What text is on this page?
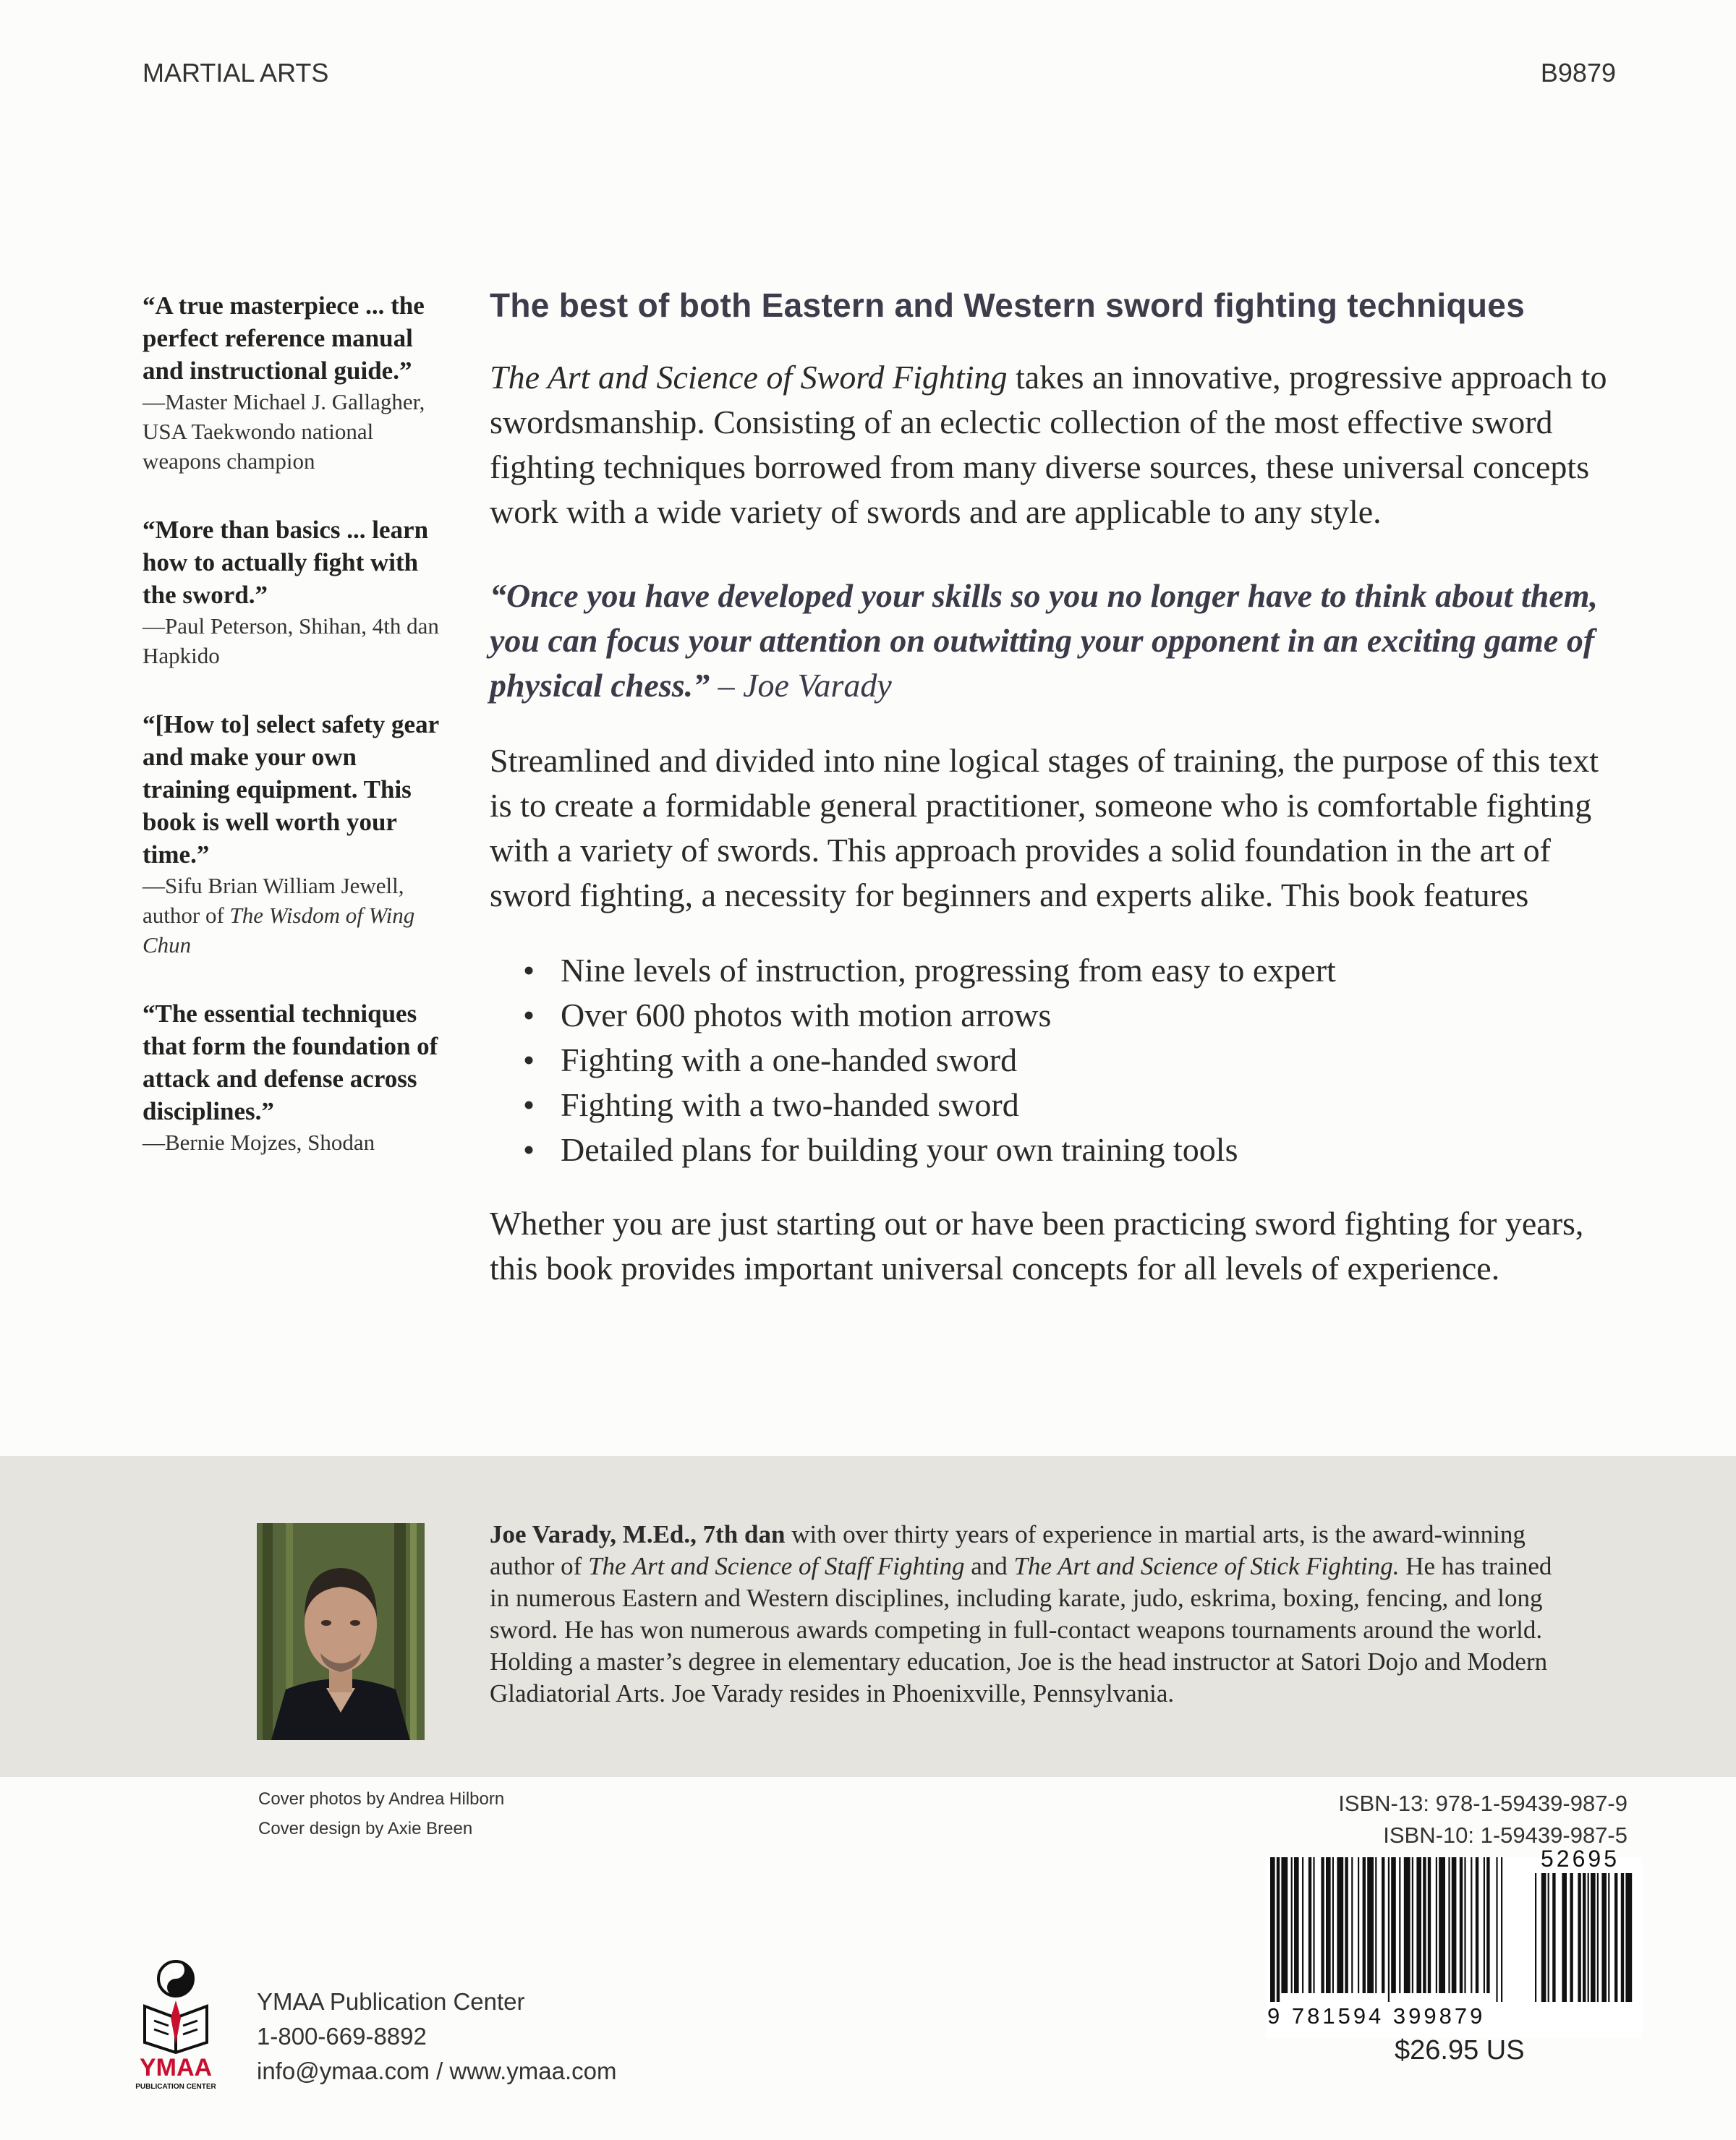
MARTIAL ARTS	B9879
“A true masterpiece ... the perfect reference manual and instructional guide.”
—Master Michael J. Gallagher, USA Taekwondo national weapons champion
“More than basics ... learn how to actually fight with the sword.”
—Paul Peterson, Shihan, 4th dan Hapkido
“[How to] select safety gear and make your own training equipment. This book is well worth your time.”
—Sifu Brian William Jewell, author of The Wisdom of Wing Chun
“The essential techniques that form the foundation of attack and defense across disciplines.”
—Bernie Mojzes, Shodan
The best of both Eastern and Western sword fighting techniques

The Art and Science of Sword Fighting takes an innovative, progressive approach to swordsmanship. Consisting of an eclectic collection of the most effective sword fighting techniques borrowed from many diverse sources, these universal concepts work with a wide variety of swords and are applicable to any style.

“Once you have developed your skills so you no longer have to think about them, you can focus your attention on outwitting your opponent in an exciting game of physical chess.” – Joe Varady

Streamlined and divided into nine logical stages of training, the purpose of this text is to create a formidable general practitioner, someone who is comfortable fighting with a variety of swords. This approach provides a solid foundation in the art of sword fighting, a necessity for beginners and experts alike. This book features

• Nine levels of instruction, progressing from easy to expert
• Over 600 photos with motion arrows
• Fighting with a one-handed sword
• Fighting with a two-handed sword
• Detailed plans for building your own training tools

Whether you are just starting out or have been practicing sword fighting for years, this book provides important universal concepts for all levels of experience.

Joe Varady, M.Ed., 7th dan with over thirty years of experience in martial arts, is the award-winning author of The Art and Science of Staff Fighting and The Art and Science of Stick Fighting. He has trained in numerous Eastern and Western disciplines, including karate, judo, eskrima, boxing, fencing, and long sword. He has won numerous awards competing in full-contact weapons tournaments around the world. Holding a master’s degree in elementary education, Joe is the head instructor at Satori Dojo and Modern Gladiatorial Arts. Joe Varady resides in Phoenixville, Pennsylvania.

Cover photos by Andrea Hilborn
Cover design by Axie Breen
ISBN-13: 978-1-59439-987-9
ISBN-10: 1-59439-987-5
52695
9 781594 399879
$26.95 US
YMAA
PUBLICATION CENTER
YMAA Publication Center
1-800-669-8892
info@ymaa.com / www.ymaa.com
